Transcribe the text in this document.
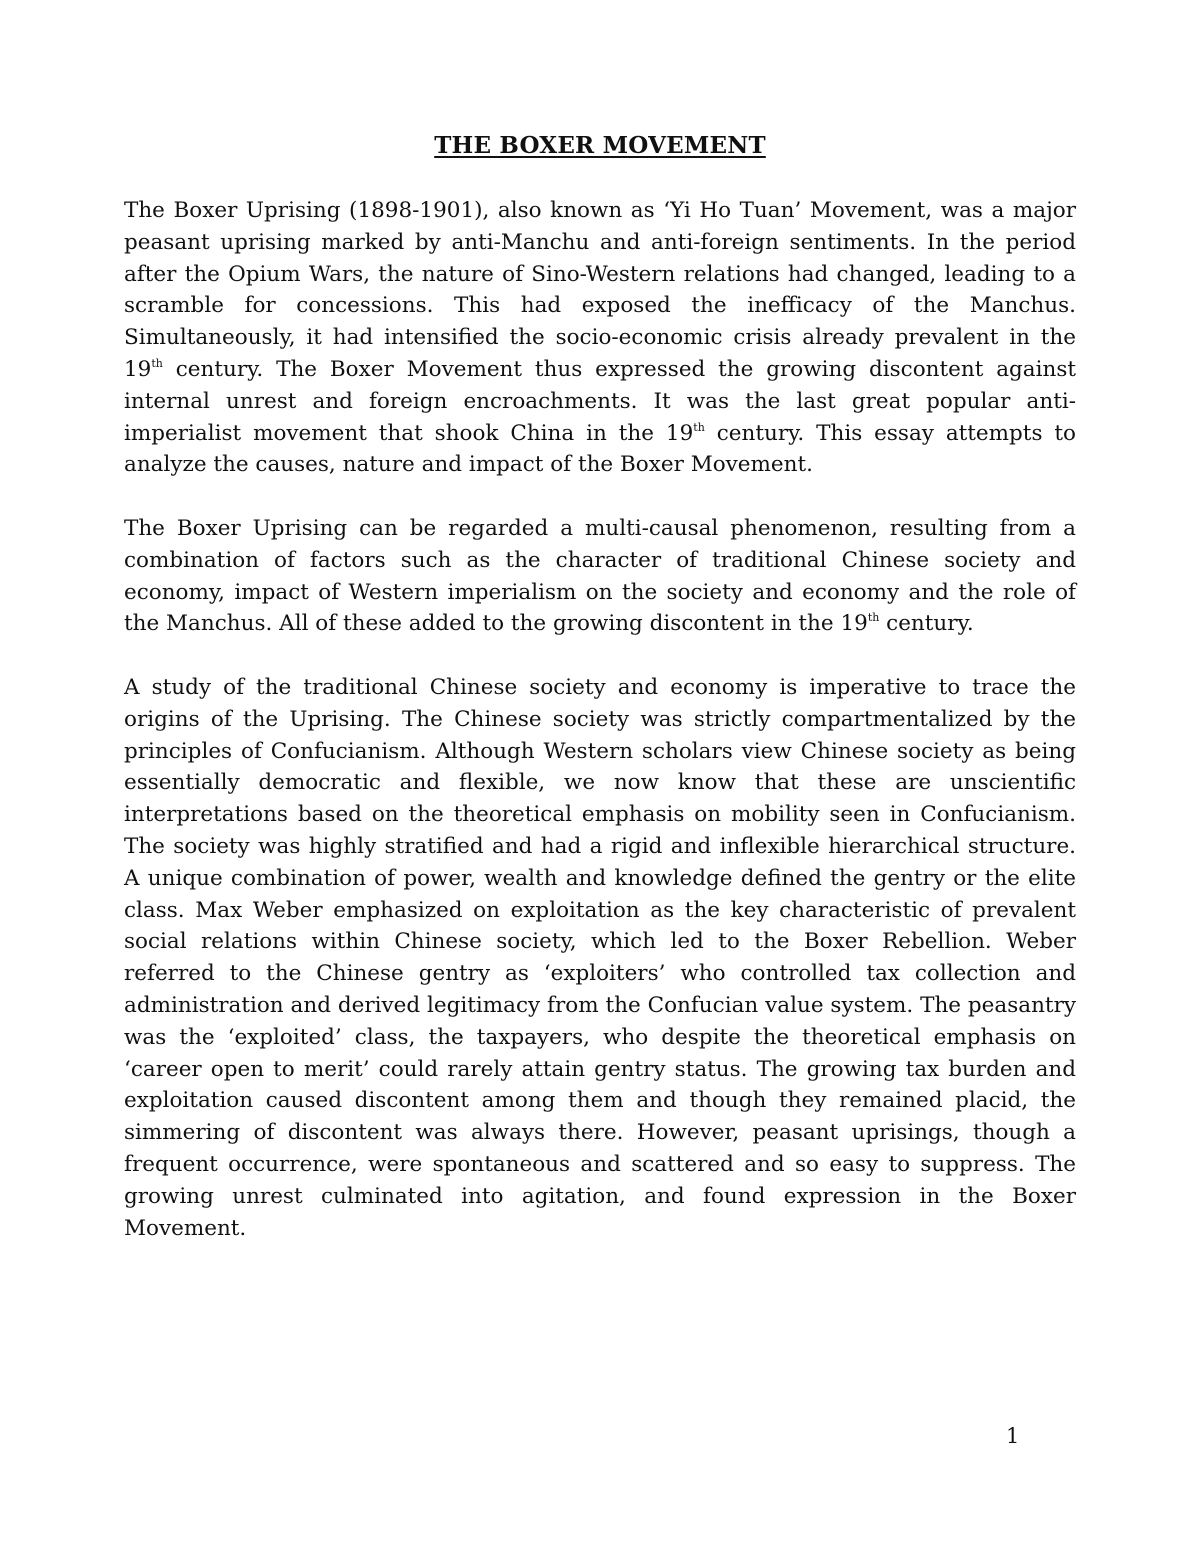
THE BOXER MOVEMENT

The Boxer Uprising (1898-1901), also known as ‘Yi Ho Tuan’ Movement, was a major peasant uprising marked by anti-Manchu and anti-foreign sentiments. In the period after the Opium Wars, the nature of Sino-Western relations had changed, leading to a scramble for concessions. This had exposed the inefficacy of the Manchus. Simultaneously, it had intensified the socio-economic crisis already prevalent in the 19th century. The Boxer Movement thus expressed the growing discontent against internal unrest and foreign encroachments. It was the last great popular anti-imperialist movement that shook China in the 19th century. This essay attempts to analyze the causes, nature and impact of the Boxer Movement.

The Boxer Uprising can be regarded a multi-causal phenomenon, resulting from a combination of factors such as the character of traditional Chinese society and economy, impact of Western imperialism on the society and economy and the role of the Manchus. All of these added to the growing discontent in the 19th century.

A study of the traditional Chinese society and economy is imperative to trace the origins of the Uprising. The Chinese society was strictly compartmentalized by the principles of Confucianism. Although Western scholars view Chinese society as being essentially democratic and flexible, we now know that these are unscientific interpretations based on the theoretical emphasis on mobility seen in Confucianism. The society was highly stratified and had a rigid and inflexible hierarchical structure. A unique combination of power, wealth and knowledge defined the gentry or the elite class. Max Weber emphasized on exploitation as the key characteristic of prevalent social relations within Chinese society, which led to the Boxer Rebellion. Weber referred to the Chinese gentry as ‘exploiters’ who controlled tax collection and administration and derived legitimacy from the Confucian value system. The peasantry was the ‘exploited’ class, the taxpayers, who despite the theoretical emphasis on ‘career open to merit’ could rarely attain gentry status. The growing tax burden and exploitation caused discontent among them and though they remained placid, the simmering of discontent was always there. However, peasant uprisings, though a frequent occurrence, were spontaneous and scattered and so easy to suppress. The growing unrest culminated into agitation, and found expression in the Boxer Movement.

1
